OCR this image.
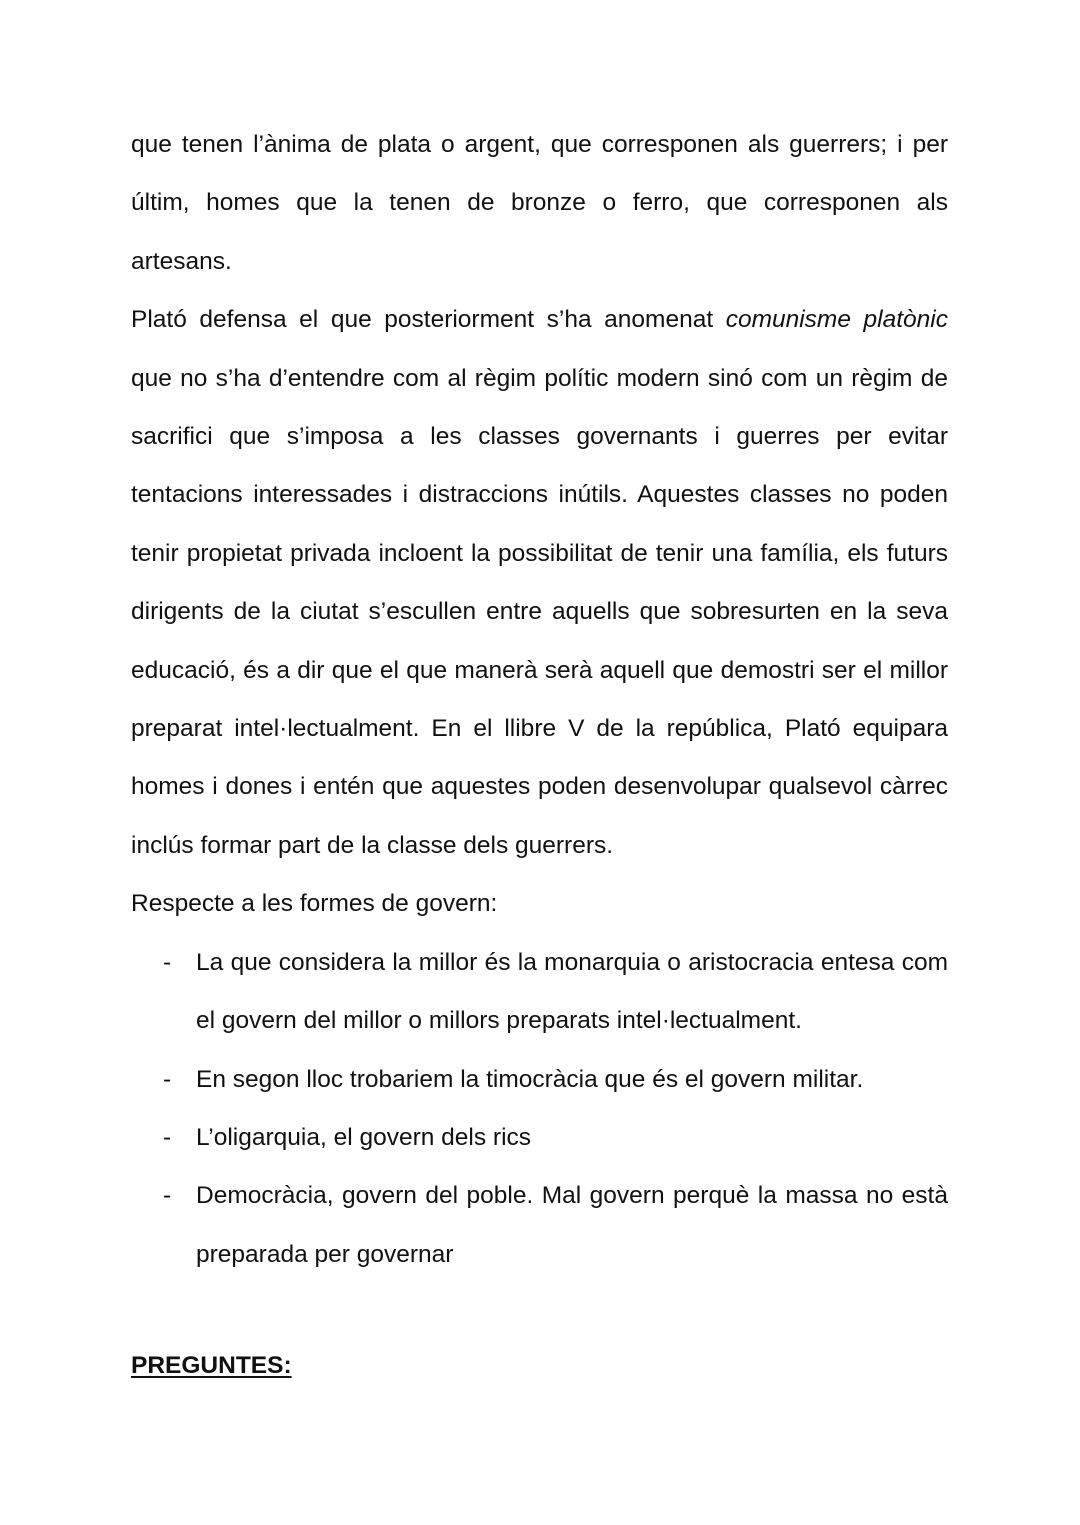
que tenen l’ànima de plata o argent, que corresponen als guerrers; i per últim, homes que la tenen de bronze o ferro, que corresponen als artesans.

Plató defensa el que posteriorment s’ha anomenat comunisme platònic que no s’ha d’entendre com al règim polític modern sinó com un règim de sacrifici que s’imposa a les classes governants i guerres per evitar tentacions interessades i distraccions inútils. Aquestes classes no poden tenir propietat privada incloent la possibilitat de tenir una família, els futurs dirigents de la ciutat s’escullen entre aquells que sobresurten en la seva educació, és a dir que el que manerà serà aquell que demostri ser el millor preparat intel·lectualment. En el llibre V de la república, Plató equipara homes i dones i entén que aquestes poden desenvolupar qualsevol càrrec inclús formar part de la classe dels guerrers.

Respecte a les formes de govern:

- La que considera la millor és la monarquia o aristocracia entesa com el govern del millor o millors preparats intel·lectualment.
- En segon lloc trobariem la timocràcia que és el govern militar.
- L’oligarquia, el govern dels rics
- Democràcia, govern del poble. Mal govern perquè la massa no està preparada per governar
PREGUNTES:
